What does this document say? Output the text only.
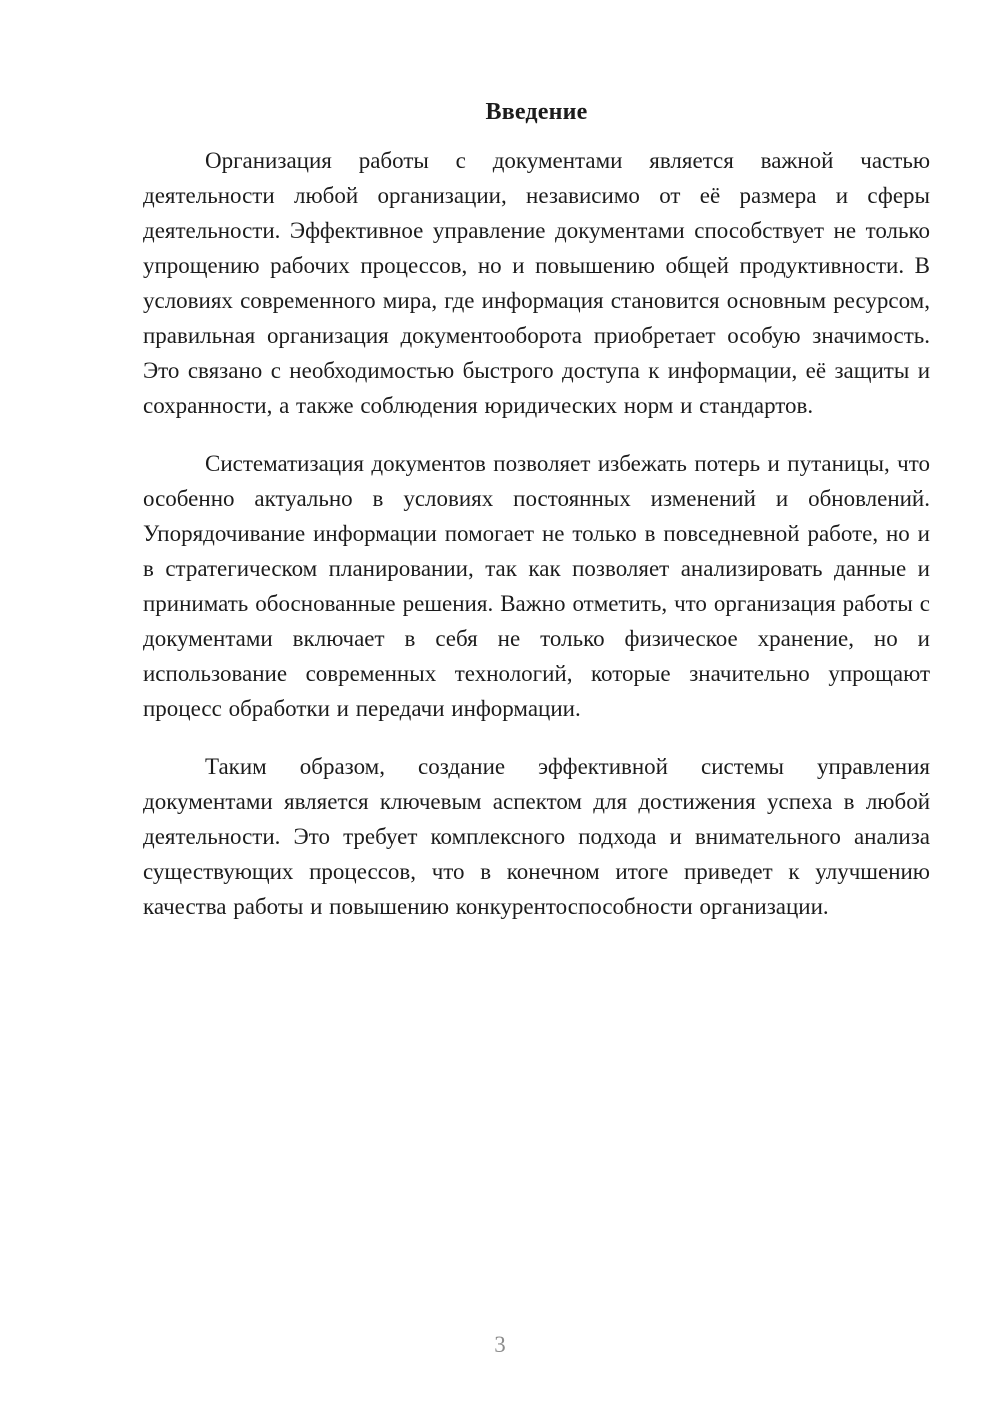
Введение

Организация работы с документами является важной частью деятельности любой организации, независимо от её размера и сферы деятельности. Эффективное управление документами способствует не только упрощению рабочих процессов, но и повышению общей продуктивности. В условиях современного мира, где информация становится основным ресурсом, правильная организация документооборота приобретает особую значимость. Это связано с необходимостью быстрого доступа к информации, её защиты и сохранности, а также соблюдения юридических норм и стандартов.

Систематизация документов позволяет избежать потерь и путаницы, что особенно актуально в условиях постоянных изменений и обновлений. Упорядочивание информации помогает не только в повседневной работе, но и в стратегическом планировании, так как позволяет анализировать данные и принимать обоснованные решения. Важно отметить, что организация работы с документами включает в себя не только физическое хранение, но и использование современных технологий, которые значительно упрощают процесс обработки и передачи информации.

Таким образом, создание эффективной системы управления документами является ключевым аспектом для достижения успеха в любой деятельности. Это требует комплексного подхода и внимательного анализа существующих процессов, что в конечном итоге приведет к улучшению качества работы и повышению конкурентоспособности организации.

3
